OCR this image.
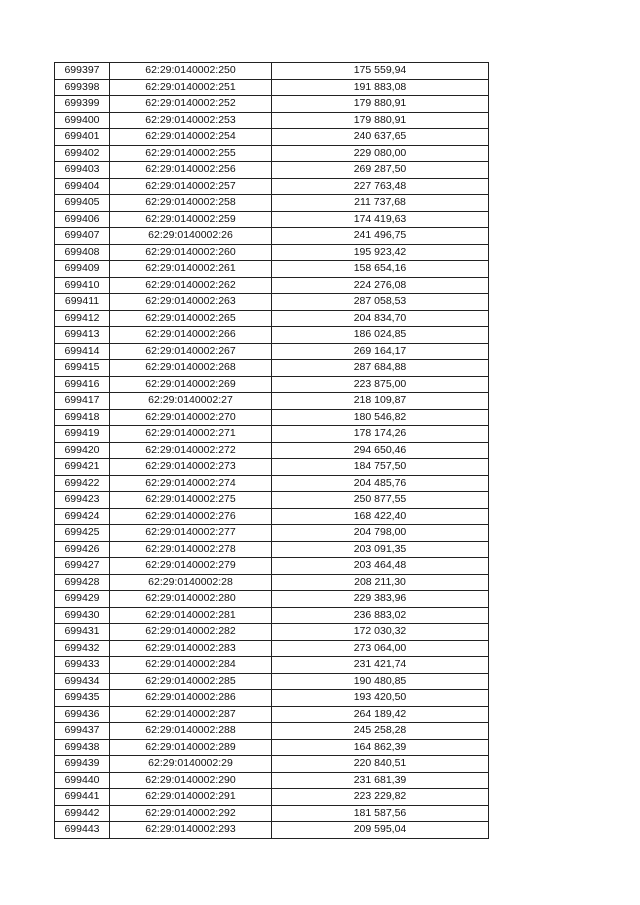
699397	62:29:0140002:250	175 559,94
699398	62:29:0140002:251	191 883,08
699399	62:29:0140002:252	179 880,91
699400	62:29:0140002:253	179 880,91
699401	62:29:0140002:254	240 637,65
699402	62:29:0140002:255	229 080,00
699403	62:29:0140002:256	269 287,50
699404	62:29:0140002:257	227 763,48
699405	62:29:0140002:258	211 737,68
699406	62:29:0140002:259	174 419,63
699407	62:29:0140002:26	241 496,75
699408	62:29:0140002:260	195 923,42
699409	62:29:0140002:261	158 654,16
699410	62:29:0140002:262	224 276,08
699411	62:29:0140002:263	287 058,53
699412	62:29:0140002:265	204 834,70
699413	62:29:0140002:266	186 024,85
699414	62:29:0140002:267	269 164,17
699415	62:29:0140002:268	287 684,88
699416	62:29:0140002:269	223 875,00
699417	62:29:0140002:27	218 109,87
699418	62:29:0140002:270	180 546,82
699419	62:29:0140002:271	178 174,26
699420	62:29:0140002:272	294 650,46
699421	62:29:0140002:273	184 757,50
699422	62:29:0140002:274	204 485,76
699423	62:29:0140002:275	250 877,55
699424	62:29:0140002:276	168 422,40
699425	62:29:0140002:277	204 798,00
699426	62:29:0140002:278	203 091,35
699427	62:29:0140002:279	203 464,48
699428	62:29:0140002:28	208 211,30
699429	62:29:0140002:280	229 383,96
699430	62:29:0140002:281	236 883,02
699431	62:29:0140002:282	172 030,32
699432	62:29:0140002:283	273 064,00
699433	62:29:0140002:284	231 421,74
699434	62:29:0140002:285	190 480,85
699435	62:29:0140002:286	193 420,50
699436	62:29:0140002:287	264 189,42
699437	62:29:0140002:288	245 258,28
699438	62:29:0140002:289	164 862,39
699439	62:29:0140002:29	220 840,51
699440	62:29:0140002:290	231 681,39
699441	62:29:0140002:291	223 229,82
699442	62:29:0140002:292	181 587,56
699443	62:29:0140002:293	209 595,04
